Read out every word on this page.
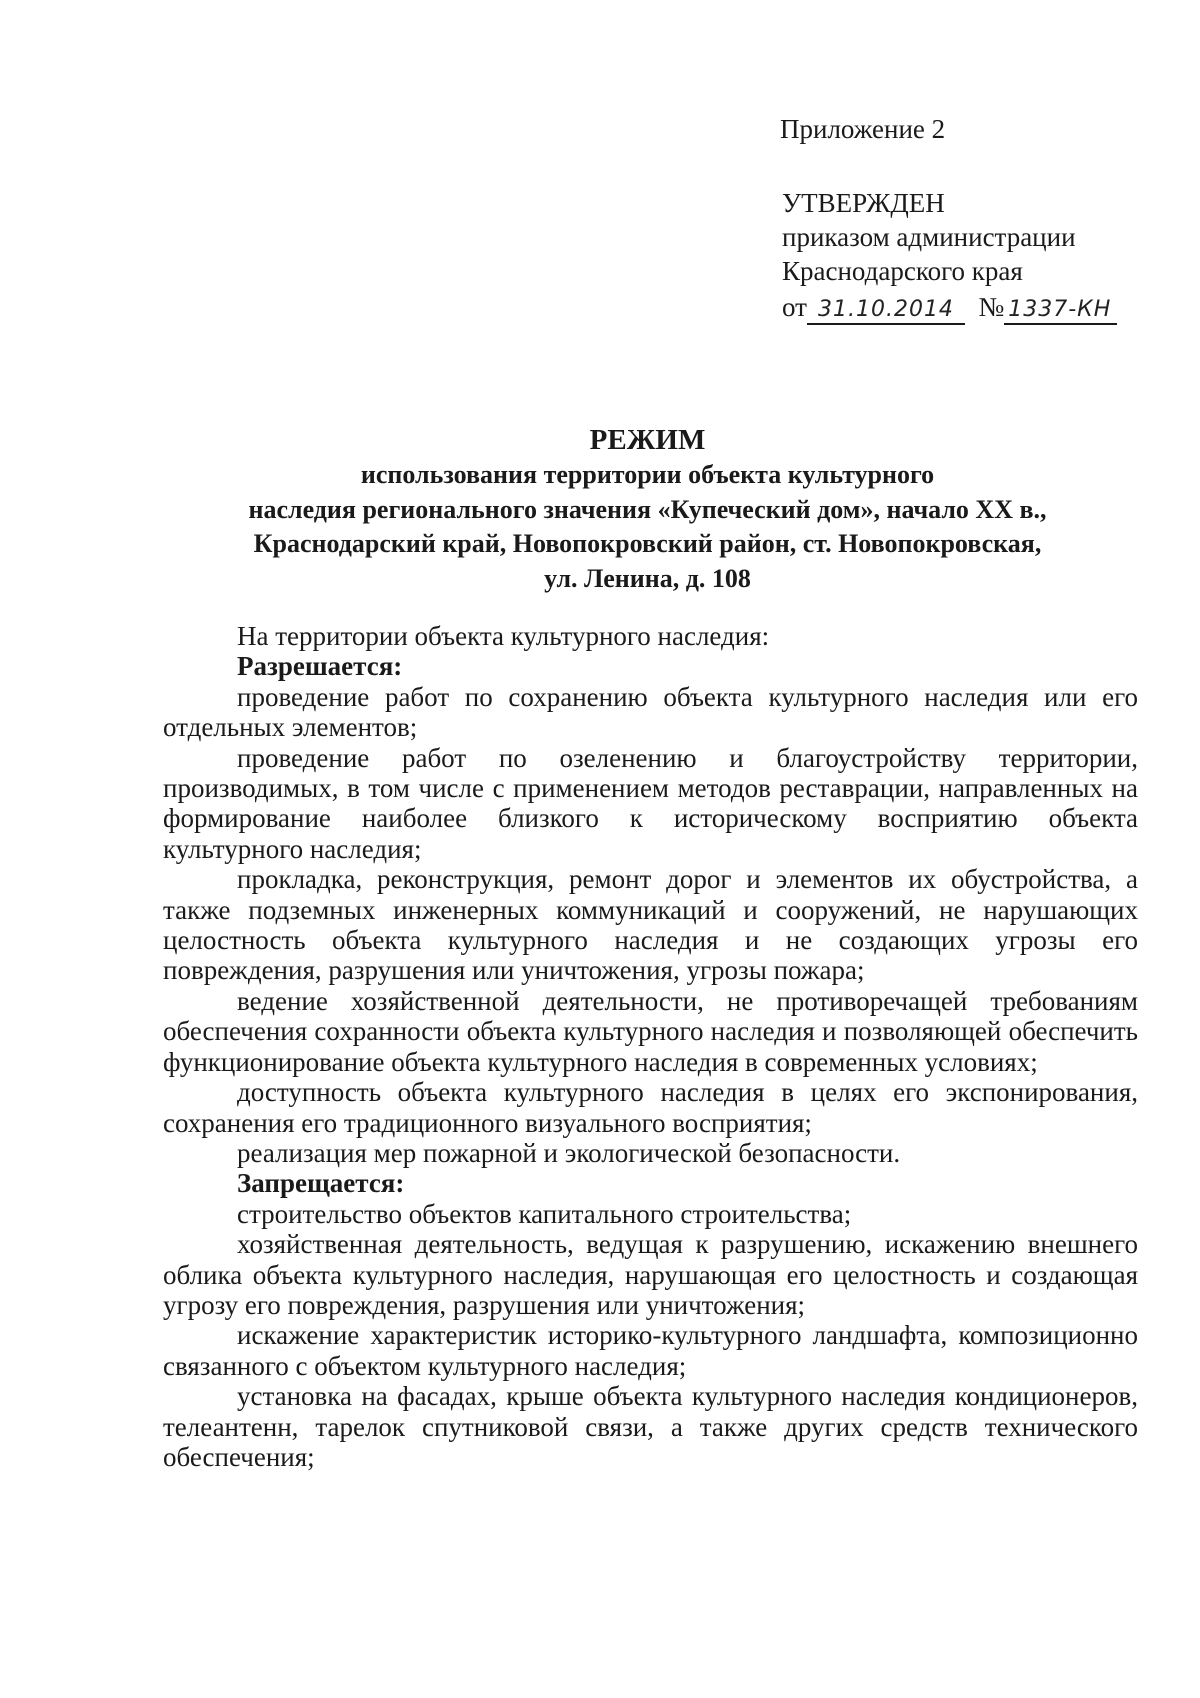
Приложение 2
УТВЕРЖДЕН
приказом администрации
Краснодарского края
от 31.10.2014 № 1337-КН
РЕЖИМ
использования территории объекта культурного
наследия регионального значения «Купеческий дом», начало XX в.,
Краснодарский край, Новопокровский район, ст. Новопокровская,
ул. Ленина, д. 108

На территории объекта культурного наследия:

Разрешается:

проведение работ по сохранению объекта культурного наследия или его отдельных элементов;

проведение работ по озеленению и благоустройству территории, производимых, в том числе с применением методов реставрации, направленных на формирование наиболее близкого к историческому восприятию объекта культурного наследия;

прокладка, реконструкция, ремонт дорог и элементов их обустройства, а также подземных инженерных коммуникаций и сооружений, не нарушающих целостность объекта культурного наследия и не создающих угрозы его повреждения, разрушения или уничтожения, угрозы пожара;

ведение хозяйственной деятельности, не противоречащей требованиям обеспечения сохранности объекта культурного наследия и позволяющей обеспечить функционирование объекта культурного наследия в современных условиях;

доступность объекта культурного наследия в целях его экспонирования, сохранения его традиционного визуального восприятия;

реализация мер пожарной и экологической безопасности.

Запрещается:

строительство объектов капитального строительства;

хозяйственная деятельность, ведущая к разрушению, искажению внешнего облика объекта культурного наследия, нарушающая его целостность и создающая угрозу его повреждения, разрушения или уничтожения;

искажение характеристик историко-культурного ландшафта, композиционно связанного с объектом культурного наследия;

установка на фасадах, крыше объекта культурного наследия кондиционеров, телеантенн, тарелок спутниковой связи, а также других средств технического обеспечения;
